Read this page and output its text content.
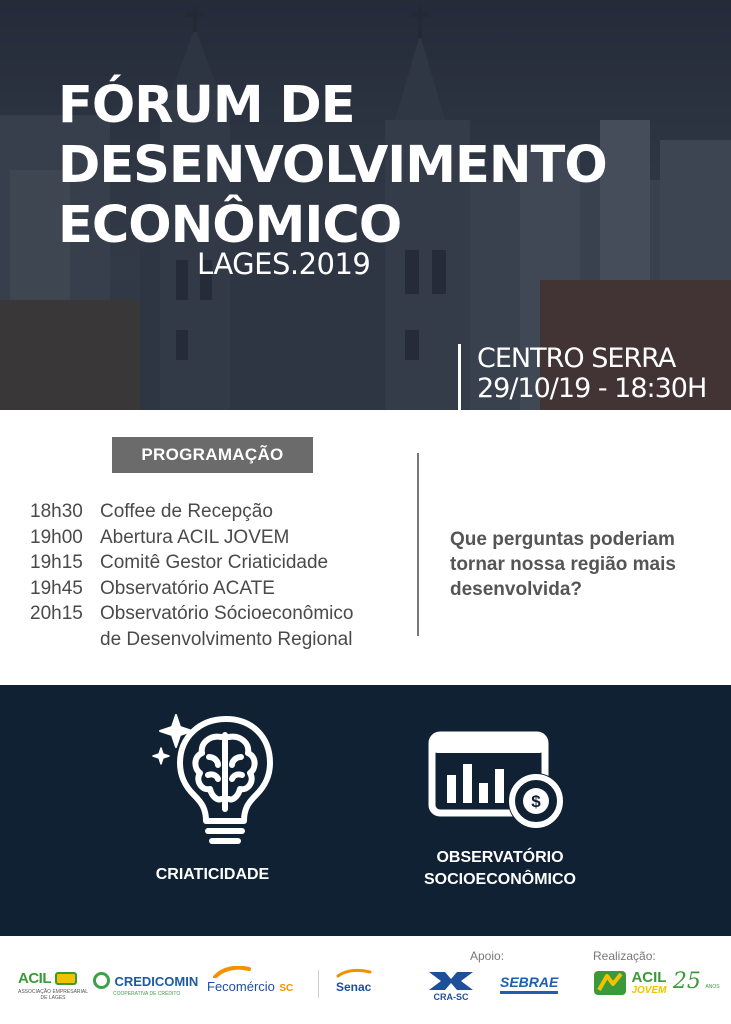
FÓRUM DE
DESENVOLVIMENTO
ECONÔMICO
LAGES.2019
CENTRO SERRA
29/10/19 - 18:30H
PROGRAMAÇÃO
18h30 Coffee de Recepção
19h00 Abertura ACIL JOVEM
19h15 Comitê Gestor Criaticidade
19h45 Observatório ACATE
20h15 Observatório Sócioeconômico
de Desenvolvimento Regional
Que perguntas poderiam tornar nossa região mais desenvolvida?
CRIATICIDADE
$
OBSERVATÓRIO
SOCIOECONÔMICO
Apoio:	Realização:
ACIL
ASSOCIAÇÃO EMPRESARIAL
DE LAGES
CREDICOMIN
COOPERATIVA DE CRÉDITO	Fecomércio SC	Senac
CRA-SC
SEBRAE
	ACIL
JOVEM 25 ANOS
